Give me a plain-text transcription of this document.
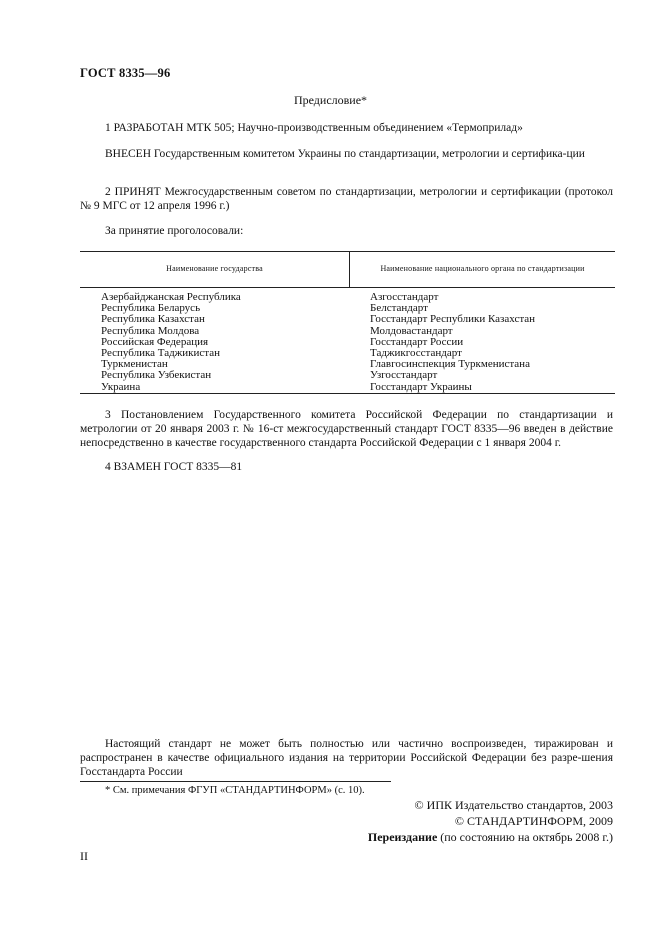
ГОСТ 8335—96
Предисловие*
1 РАЗРАБОТАН МТК 505; Научно-производственным объединением «Термоприлад»
ВНЕСЕН Государственным комитетом Украины по стандартизации, метрологии и сертифика-ции
2 ПРИНЯТ Межгосударственным советом по стандартизации, метрологии и сертификации (протокол № 9 МГС от 12 апреля 1996 г.)
За принятие проголосовали:
Наименование государства	Наименование национального органа по стандартизации
Азербайджанская Республика
Республика Беларусь
Республика Казахстан
Республика Молдова
Российская Федерация
Республика Таджикистан
Туркменистан
Республика Узбекистан
Украина
Азгосстандарт
Белстандарт
Госстандарт Республики Казахстан
Молдовастандарт
Госстандарт России
Таджикгосстандарт
Главгосинспекция Туркменистана
Узгосстандарт
Госстандарт Украины
3 Постановлением Государственного комитета Российской Федерации по стандартизации и метрологии от 20 января 2003 г. № 16-ст межгосударственный стандарт ГОСТ 8335—96 введен в действие непосредственно в качестве государственного стандарта Российской Федерации с 1 января 2004 г.
4 ВЗАМЕН ГОСТ 8335—81
Настоящий стандарт не может быть полностью или частично воспроизведен, тиражирован и распространен в качестве официального издания на территории Российской Федерации без разре-шения Госстандарта России
* См. примечания ФГУП «СТАНДАРТИНФОРМ» (с. 10).
© ИПК Издательство стандартов, 2003
© СТАНДАРТИНФОРМ, 2009
Переиздание (по состоянию на октябрь 2008 г.)
II
